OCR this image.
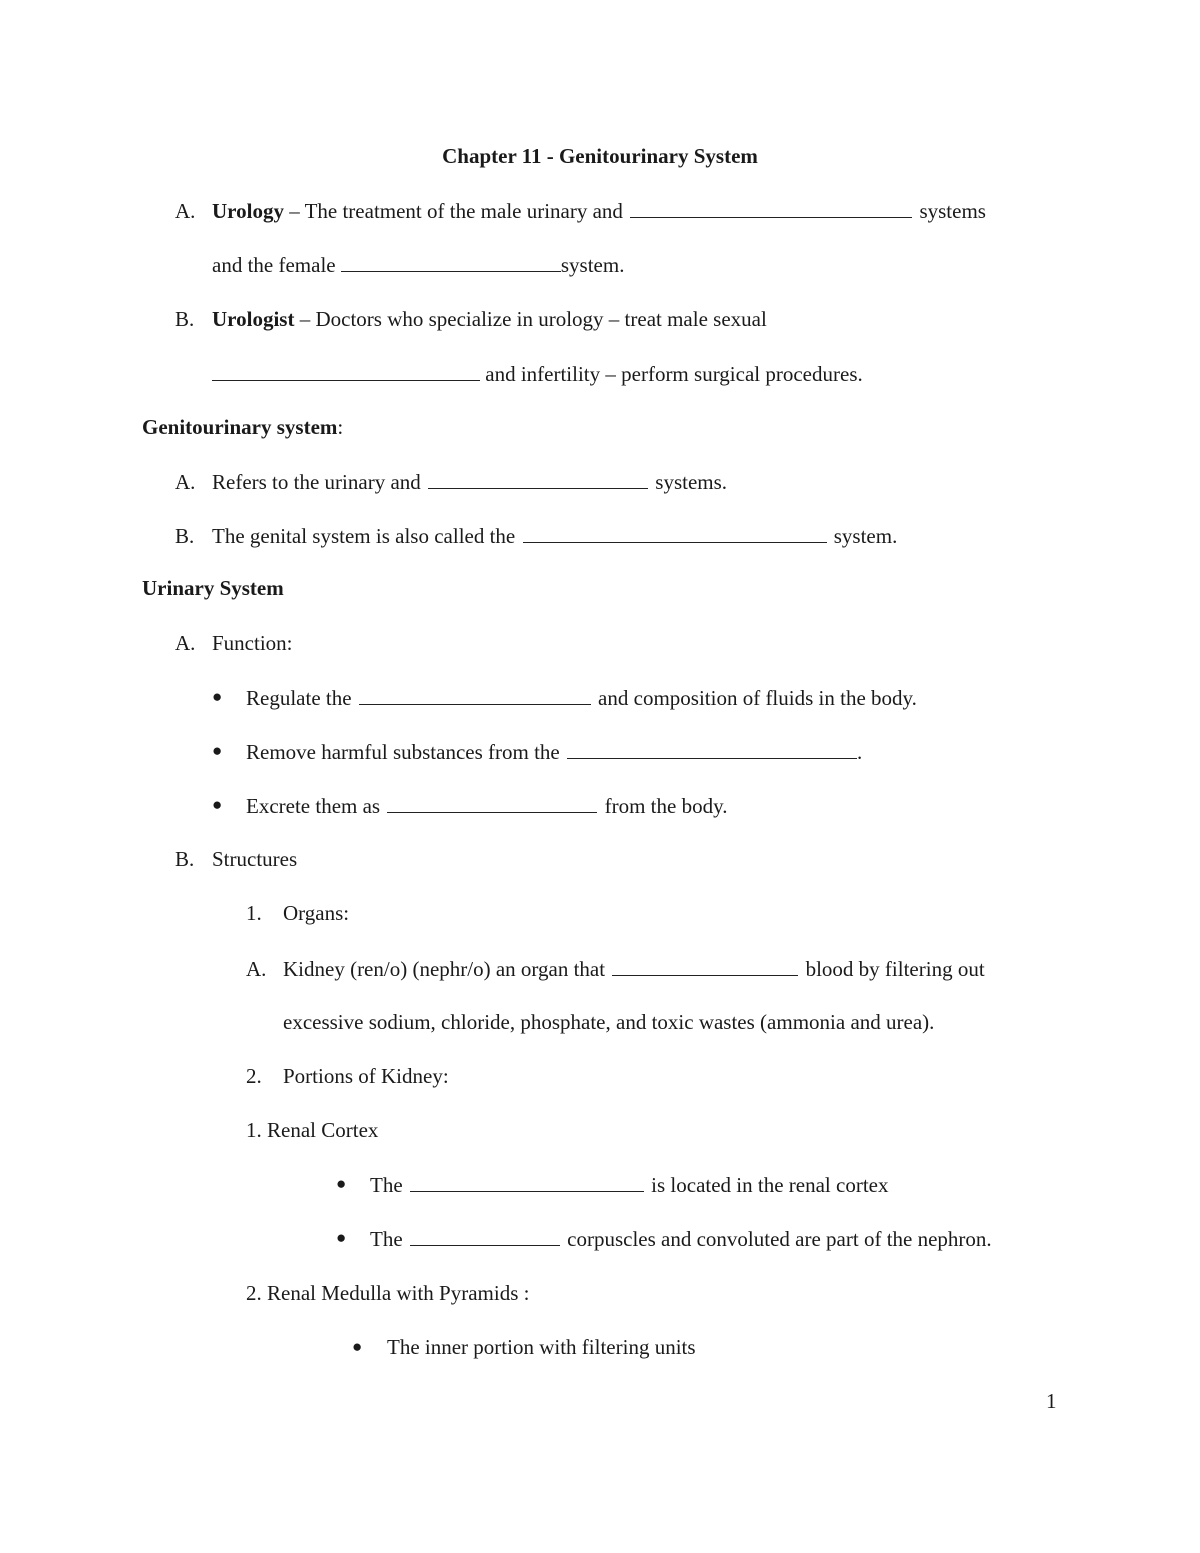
Chapter 11 - Genitourinary System
A. Urology – The treatment of the male urinary and	systems
and the female	system.
B. Urologist – Doctors who specialize in urology – treat male sexual
and infertility – perform surgical procedures.
Genitourinary system:
A. Refers to the urinary and	systems.
B. The genital system is also called the	system.
Urinary System
A. Function:
● Regulate the	and composition of fluids in the body.
● Remove harmful substances from the	.
● Excrete them as	from the body.
B. Structures
1. Organs:
A. Kidney (ren/o) (nephr/o) an organ that	blood by filtering out
excessive sodium, chloride, phosphate, and toxic wastes (ammonia and urea).
2. Portions of Kidney:
1. Renal Cortex
● The	is located in the renal cortex
● The	corpuscles and convoluted are part of the nephron.
2. Renal Medulla with Pyramids :
● The inner portion with filtering units
1
